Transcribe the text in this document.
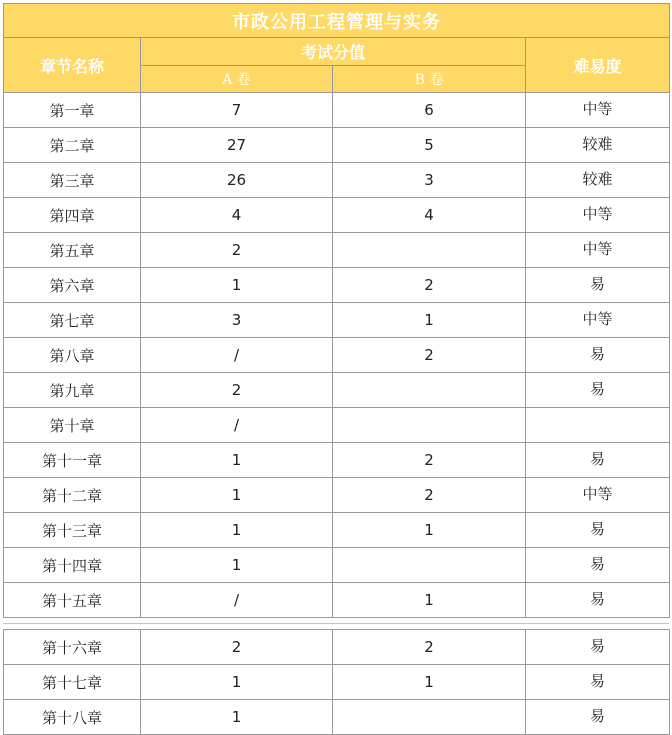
市政公用工程管理与实务			
章节名称	考试分值		难易度
	A 卷	B 卷	
第一章	7	6	中等
第二章	27	5	较难
第三章	26	3	较难
第四章	4	4	中等
第五章	2		中等
第六章	1	2	易
第七章	3	1	中等
第八章	/	2	易
第九章	2		易
第十章	/		
第十一章	1	2	易
第十二章	1	2	中等
第十三章	1	1	易
第十四章	1		易
第十五章	/	1	易
第十六章	2	2	易
第十七章	1	1	易
第十八章	1		易
